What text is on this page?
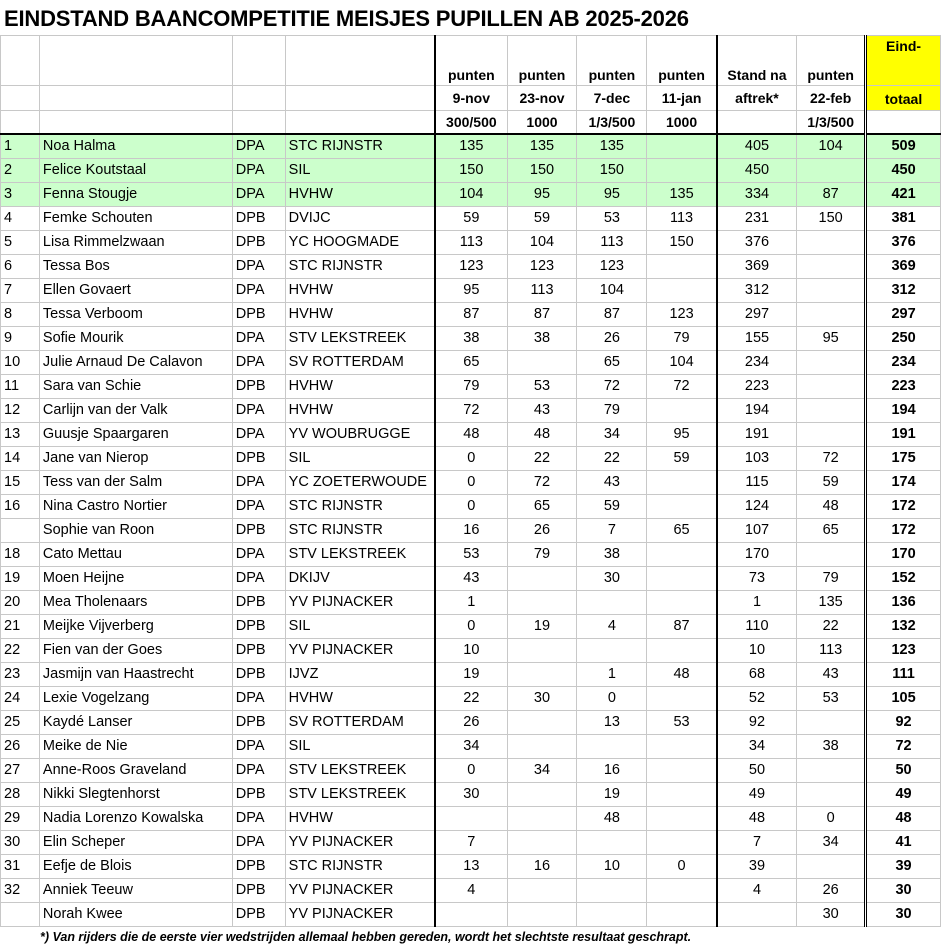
EINDSTAND BAANCOMPETITIE MEISJES PUPILLEN AB 2025-2026
				punten	punten	punten	punten	Stand na	punten	Eind-
				9-nov	23-nov	7-dec	11-jan	aftrek*	22-feb	totaal
				300/500	1000	1/3/500	1000		1/3/500	
1	Noa Halma	DPA	STC RIJNSTR	135	135	135		405	104	509
2	Felice Koutstaal	DPA	SIL	150	150	150		450		450
3	Fenna Stougje	DPA	HVHW	104	95	95	135	334	87	421
4	Femke Schouten	DPB	DVIJC	59	59	53	113	231	150	381
5	Lisa Rimmelzwaan	DPB	YC HOOGMADE	113	104	113	150	376		376
6	Tessa Bos	DPA	STC RIJNSTR	123	123	123		369		369
7	Ellen Govaert	DPA	HVHW	95	113	104		312		312
8	Tessa Verboom	DPB	HVHW	87	87	87	123	297		297
9	Sofie Mourik	DPA	STV LEKSTREEK	38	38	26	79	155	95	250
10	Julie Arnaud De Calavon	DPA	SV ROTTERDAM	65		65	104	234		234
11	Sara van Schie	DPB	HVHW	79	53	72	72	223		223
12	Carlijn van der Valk	DPA	HVHW	72	43	79		194		194
13	Guusje Spaargaren	DPA	YV WOUBRUGGE	48	48	34	95	191		191
14	Jane van Nierop	DPB	SIL	0	22	22	59	103	72	175
15	Tess van der Salm	DPA	YC ZOETERWOUDE	0	72	43		115	59	174
16	Nina Castro Nortier	DPA	STC RIJNSTR	0	65	59		124	48	172
	Sophie van Roon	DPB	STC RIJNSTR	16	26	7	65	107	65	172
18	Cato Mettau	DPA	STV LEKSTREEK	53	79	38		170		170
19	Moen Heijne	DPA	DKIJV	43		30		73	79	152
20	Mea Tholenaars	DPB	YV PIJNACKER	1				1	135	136
21	Meijke Vijverberg	DPB	SIL	0	19	4	87	110	22	132
22	Fien van der Goes	DPB	YV PIJNACKER	10				10	113	123
23	Jasmijn van Haastrecht	DPB	IJVZ	19		1	48	68	43	111
24	Lexie Vogelzang	DPA	HVHW	22	30	0		52	53	105
25	Kaydé Lanser	DPB	SV ROTTERDAM	26		13	53	92		92
26	Meike de Nie	DPA	SIL	34				34	38	72
27	Anne-Roos Graveland	DPA	STV LEKSTREEK	0	34	16		50		50
28	Nikki Slegtenhorst	DPB	STV LEKSTREEK	30		19		49		49
29	Nadia Lorenzo Kowalska	DPA	HVHW			48		48	0	48
30	Elin Scheper	DPA	YV PIJNACKER	7				7	34	41
31	Eefje de Blois	DPB	STC RIJNSTR	13	16	10	0	39		39
32	Anniek Teeuw	DPB	YV PIJNACKER	4				4	26	30
	Norah Kwee	DPB	YV PIJNACKER						30	30
*) Van rijders die de eerste vier wedstrijden allemaal hebben gereden, wordt het slechtste resultaat geschrapt.
